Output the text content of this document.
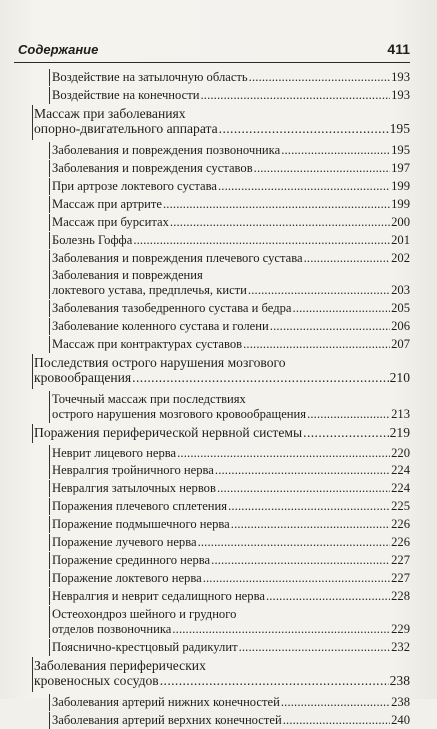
Содержание	411
Воздействие на затылочную область . . .	193
Воздействие на конечности . . .	193
Массаж при заболеваниях
опорно-двигательного аппарата . . .	195
Заболевания и повреждения позвоночника . . .	195
Заболевания и повреждения суставов . . .	197
При артрозе локтевого сустава . . .	199
Массаж при артрите . . .	199
Массаж при бурситах . . .	200
Болезнь Гоффа . . .	201
Заболевания и повреждения плечевого сустава . . .	202
Заболевания и повреждения
локтевого устава, предплечья, кисти . . .	203
Заболевания тазобедренного сустава и бедра . . .	205
Заболевание коленного сустава и голени . . .	206
Массаж при контрактурах суставов . . .	207
Последствия острого нарушения мозгового
кровообращения . . .	210
Точечный массаж при последствиях
острого нарушения мозгового кровообращения . . .	213
Поражения периферической нервной системы . . .	219
Неврит лицевого нерва . . .	220
Невралгия тройничного нерва . . .	224
Невралгия затылочных нервов . . .	224
Поражения плечевого сплетения . . .	225
Поражение подмышечного нерва . . .	226
Поражение лучевого нерва . . .	226
Поражение срединного нерва . . .	227
Поражение локтевого нерва . . .	227
Невралгия и неврит седалищного нерва . . .	228
Остеохондроз шейного и грудного
отделов позвоночника . . .	229
Пояснично-крестцовый радикулит . . .	232
Заболевания периферических
кровеносных сосудов . . .	238
Заболевания артерий нижних конечностей . . .	238
Заболевания артерий верхних конечностей . . .	240
